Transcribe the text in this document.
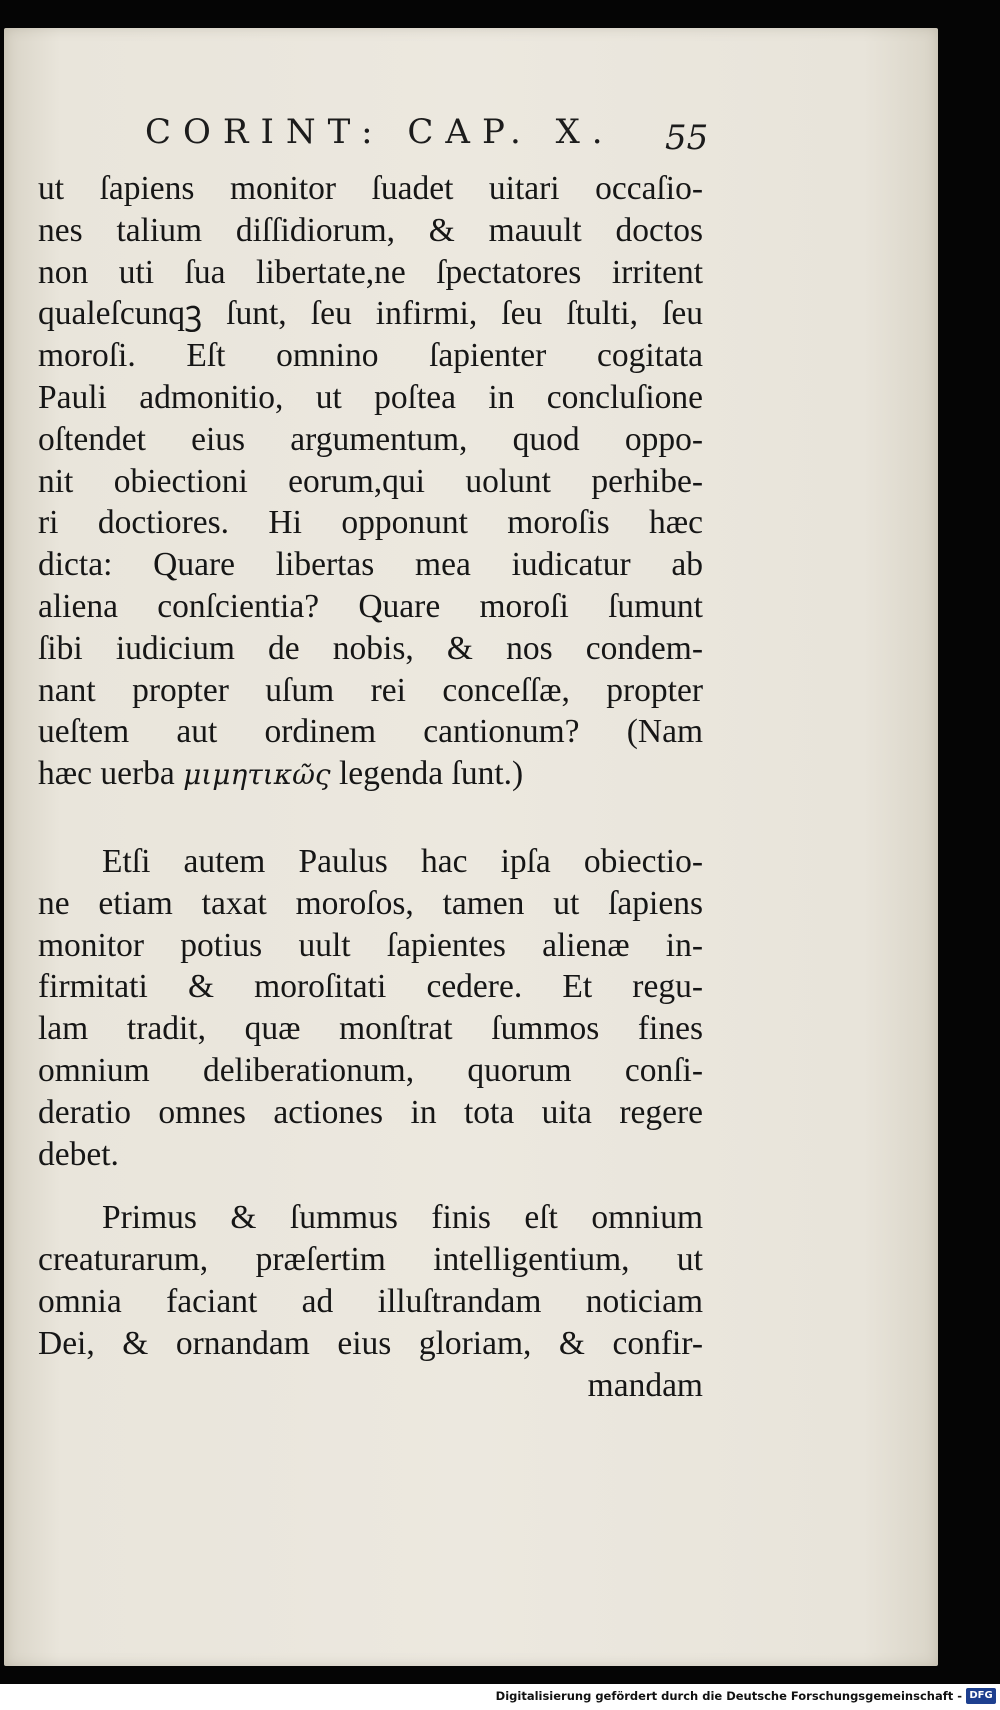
CORINT: CAP. X. 55
ut ſapiens monitor ſuadet uitari occaſio-
nes talium diſſidiorum, & mauult doctos
non uti ſua libertate,ne ſpectatores irritent
qualeſcunqꝫ ſunt, ſeu infirmi, ſeu ſtulti, ſeu
moroſi. Eſt omnino ſapienter cogitata
Pauli admonitio, ut poſtea in concluſione
oſtendet eius argumentum, quod oppo-
nit obiectioni eorum,qui uolunt perhibe-
ri doctiores. Hi opponunt moroſis hæc
dicta: Quare libertas mea iudicatur ab
aliena conſcientia? Quare moroſi ſumunt
ſibi iudicium de nobis, & nos condem-
nant propter uſum rei conceſſæ, propter
ueſtem aut ordinem cantionum? (Nam
hæc uerba μιμητικῶς legenda ſunt.)
Etſi autem Paulus hac ipſa obiectio-
ne etiam taxat moroſos, tamen ut ſapiens
monitor potius uult ſapientes alienæ in-
firmitati & moroſitati cedere. Et regu-
lam tradit, quæ monſtrat ſummos fines
omnium deliberationum, quorum conſi-
deratio omnes actiones in tota uita regere
debet.
Primus & ſummus finis eſt omnium
creaturarum, præſertim intelligentium, ut
omnia faciant ad illuſtrandam noticiam
Dei, & ornandam eius gloriam, & confir-
mandam
Digitalisierung gefördert durch die Deutsche Forschungsgemeinschaft - DFG
